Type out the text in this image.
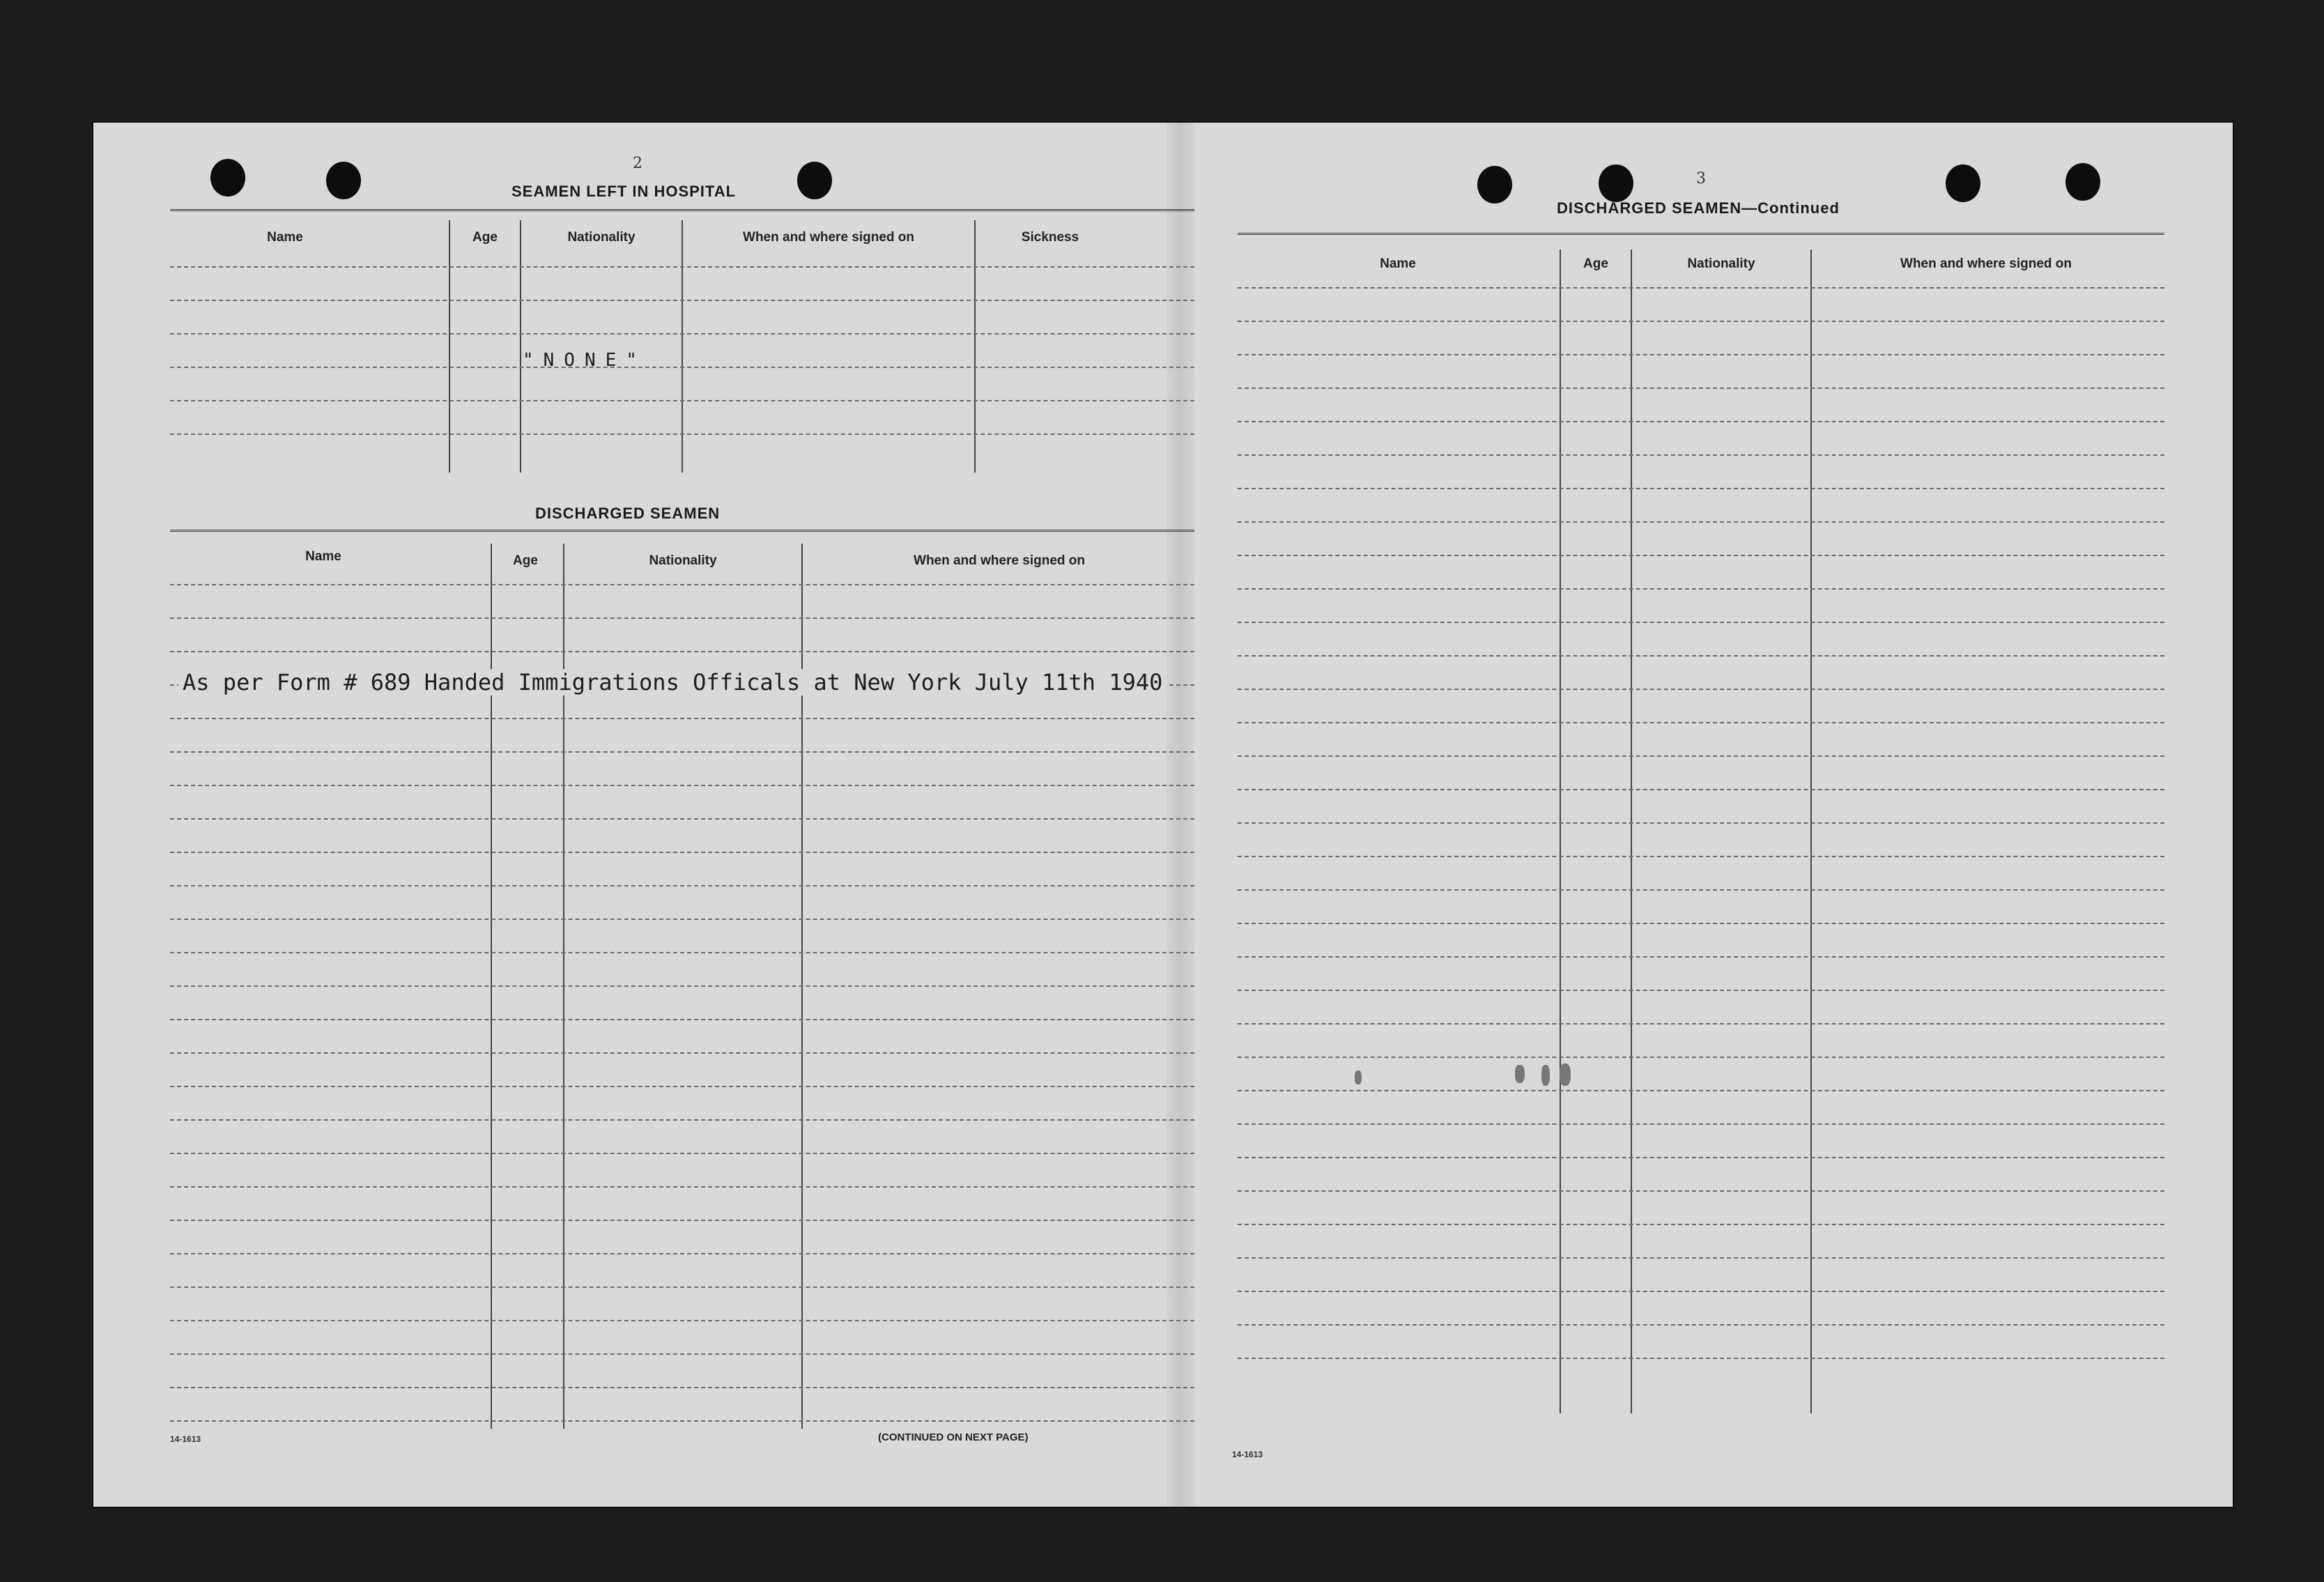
2
SEAMEN LEFT IN HOSPITAL
Name	Age	Nationality	When and where signed on	Sickness
"NONE"
DISCHARGED SEAMEN
Name	Age	Nationality	When and where signed on
As per Form # 689 Handed Immigrations Officals at New York July 11th 1940
14-1613	(CONTINUED ON NEXT PAGE)
3
DISCHARGED SEAMEN—Continued
Name	Age	Nationality	When and where signed on
14-1613
